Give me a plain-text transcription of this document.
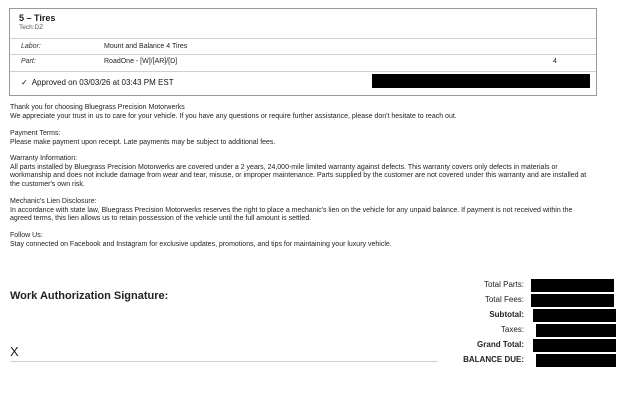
5 – Tires
Tech:DZ
Labor:	Mount and Balance 4 Tires
Part:	RoadOne - [W]/[AR]/[D]	4
✓ Approved on 03/03/26 at 03:43 PM EST

Thank you for choosing Bluegrass Precision Motorwerks

We appreciate your trust in us to care for your vehicle. If you have any questions or require further assistance, please don't hesitate to reach out.

Payment Terms:

Please make payment upon receipt. Late payments may be subject to additional fees.

Warranty Information:

All parts installed by Bluegrass Precision Motorwerks are covered under a 2 years, 24,000-mile limited warranty against defects. This warranty covers only defects in materials or workmanship and does not include damage from wear and tear, misuse, or improper maintenance. Parts supplied by the customer are not covered under this warranty and are installed at the customer's own risk.

Mechanic's Lien Disclosure:

In accordance with state law, Bluegrass Precision Motorwerks reserves the right to place a mechanic's lien on the vehicle for any unpaid balance. If payment is not received within the agreed terms, this lien allows us to retain possession of the vehicle until the full amount is settled.

Follow Us:

Stay connected on Facebook and Instagram for exclusive updates, promotions, and tips for maintaining your luxury vehicle.

Work Authorization Signature:
X
Total Parts:
Total Fees:
Subtotal:
Taxes:
Grand Total:
BALANCE DUE:
